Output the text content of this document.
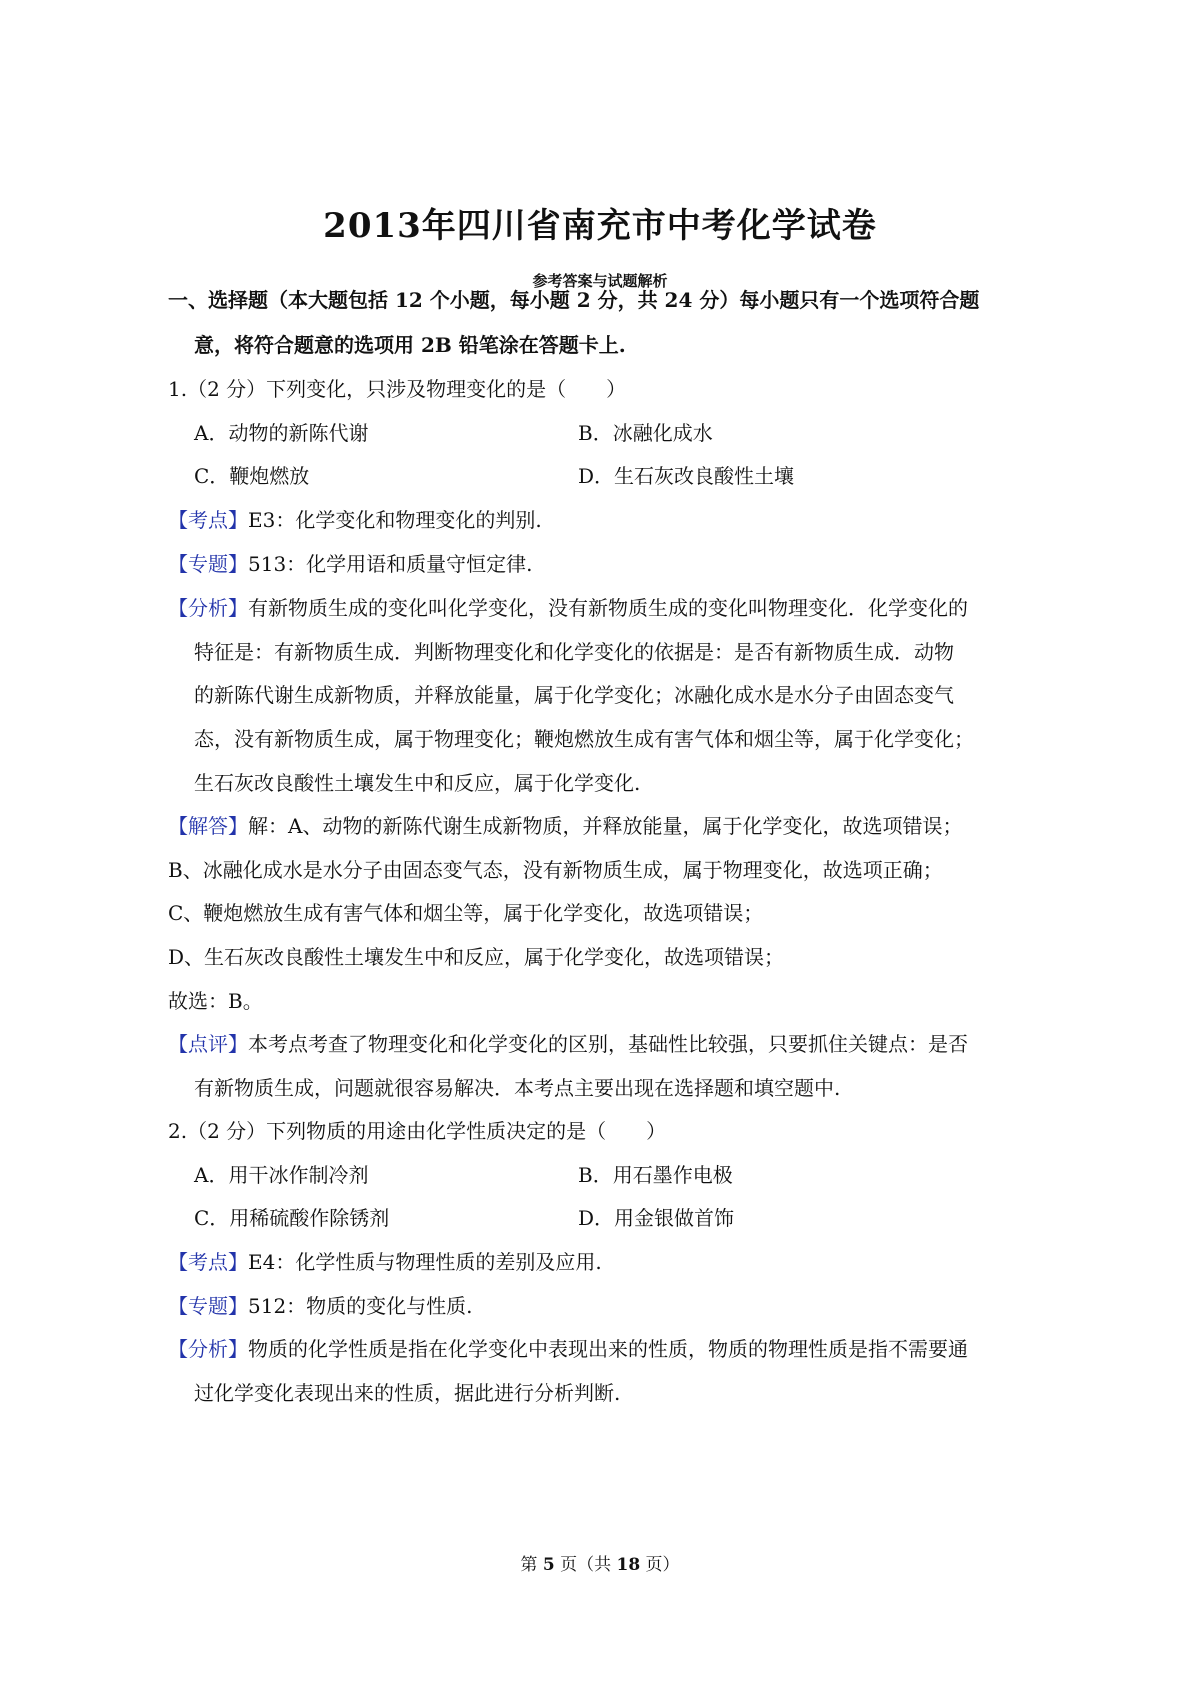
2013年四川省南充市中考化学试卷
参考答案与试题解析
一、选择题（本大题包括 12 个小题，每小题 2 分，共 24 分）每小题只有一个选项符合题
意，将符合题意的选项用 2B 铅笔涂在答题卡上.
1.（2 分）下列变化，只涉及物理变化的是（　　）
A．动物的新陈代谢	B．冰融化成水
C．鞭炮燃放	D．生石灰改良酸性土壤
【考点】E3：化学变化和物理变化的判别.
【专题】513：化学用语和质量守恒定律.
【分析】有新物质生成的变化叫化学变化，没有新物质生成的变化叫物理变化．化学变化的
特征是：有新物质生成．判断物理变化和化学变化的依据是：是否有新物质生成．动物
的新陈代谢生成新物质，并释放能量，属于化学变化；冰融化成水是水分子由固态变气
态，没有新物质生成，属于物理变化；鞭炮燃放生成有害气体和烟尘等，属于化学变化；
生石灰改良酸性土壤发生中和反应，属于化学变化.
【解答】解：A、动物的新陈代谢生成新物质，并释放能量，属于化学变化，故选项错误；
B、冰融化成水是水分子由固态变气态，没有新物质生成，属于物理变化，故选项正确；
C、鞭炮燃放生成有害气体和烟尘等，属于化学变化，故选项错误；
D、生石灰改良酸性土壤发生中和反应，属于化学变化，故选项错误；
故选：B。
【点评】本考点考查了物理变化和化学变化的区别，基础性比较强，只要抓住关键点：是否
有新物质生成，问题就很容易解决．本考点主要出现在选择题和填空题中.
2.（2 分）下列物质的用途由化学性质决定的是（　　）
A．用干冰作制冷剂	B．用石墨作电极
C．用稀硫酸作除锈剂	D．用金银做首饰
【考点】E4：化学性质与物理性质的差别及应用.
【专题】512：物质的变化与性质.
【分析】物质的化学性质是指在化学变化中表现出来的性质，物质的物理性质是指不需要通
过化学变化表现出来的性质，据此进行分析判断.
第 5 页（共 18 页）
